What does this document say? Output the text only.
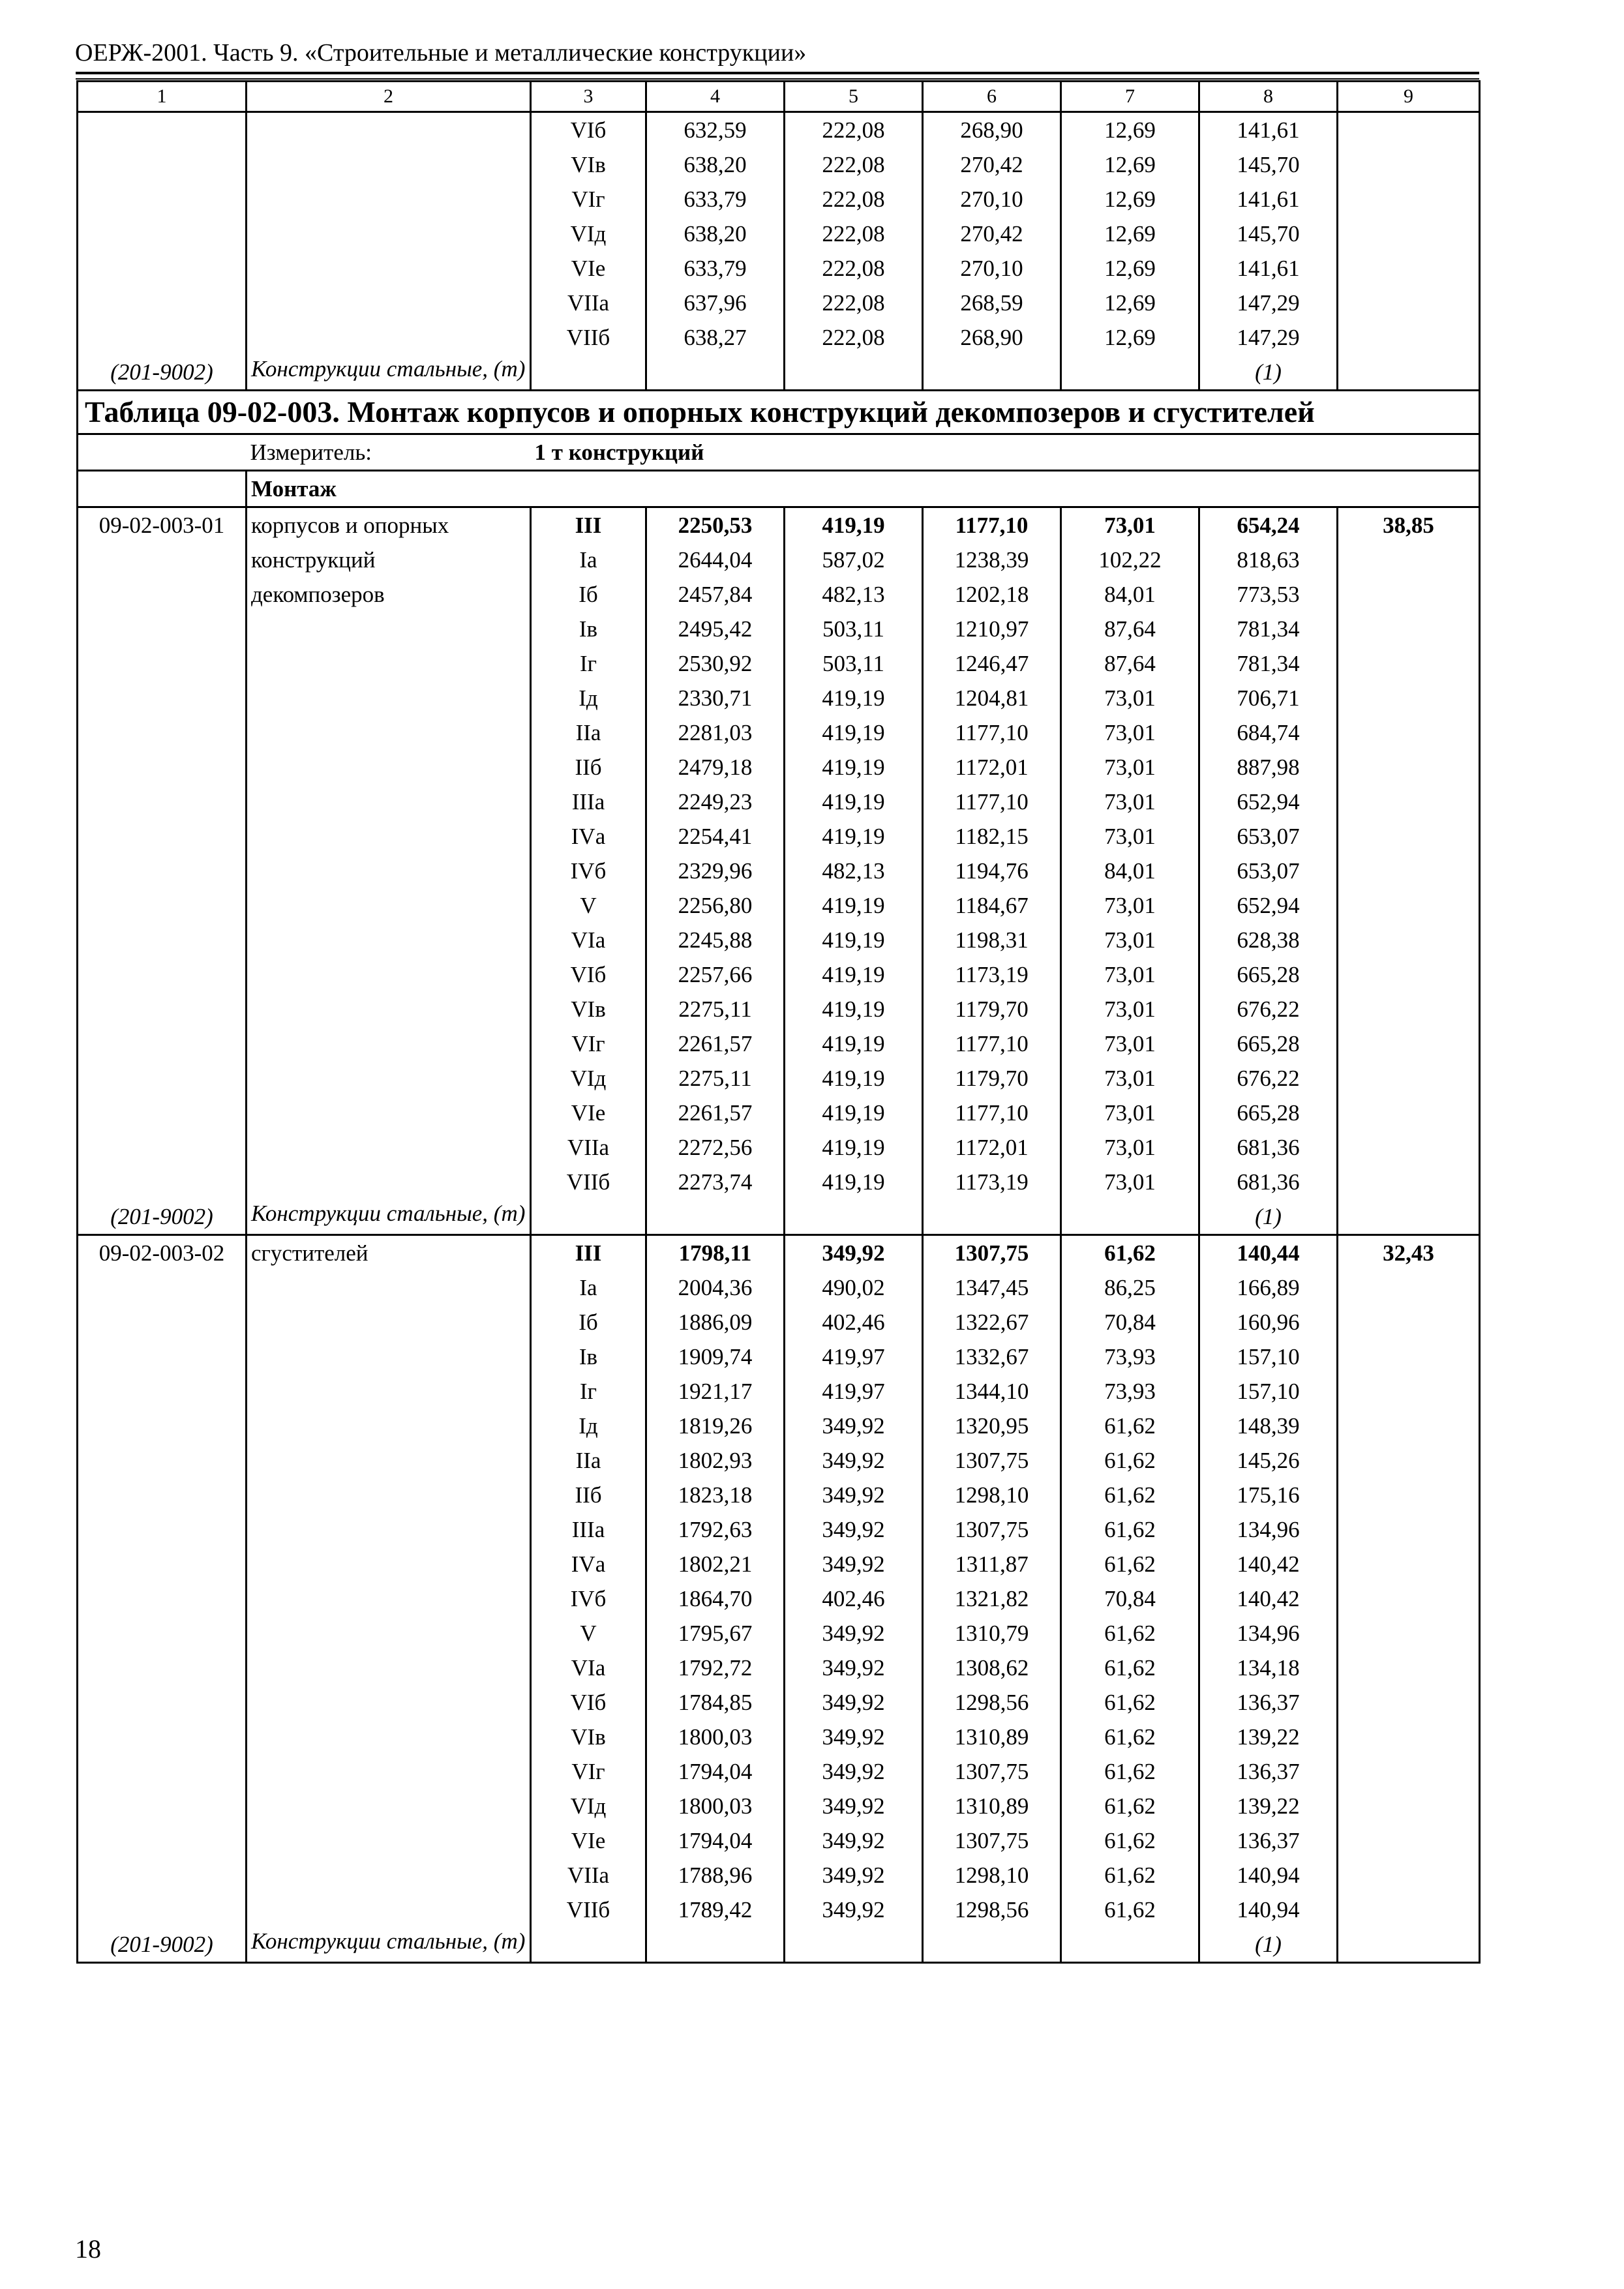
ОЕРЖ-2001. Часть 9. «Строительные и металлические конструкции»
1	2	3	4	5	6	7	8	9
		VIб	632,59	222,08	268,90	12,69	141,61	
		VIв	638,20	222,08	270,42	12,69	145,70	
		VIг	633,79	222,08	270,10	12,69	141,61	
		VIд	638,20	222,08	270,42	12,69	145,70	
		VIе	633,79	222,08	270,10	12,69	141,61	
		VIIа	637,96	222,08	268,59	12,69	147,29	
		VIIб	638,27	222,08	268,90	12,69	147,29	
(201-9002)	Конструкции стальные, (т)						(1)	
Таблица 09-02-003. Монтаж корпусов и опорных конструкций декомпозеров и сгустителей								
	Измеритель:	1 т конструкций						
	Монтаж							
09-02-003-01	корпусов и опорных	III	2250,53	419,19	1177,10	73,01	654,24	38,85
	конструкций	Iа	2644,04	587,02	1238,39	102,22	818,63	
	декомпозеров	Iб	2457,84	482,13	1202,18	84,01	773,53	
		Iв	2495,42	503,11	1210,97	87,64	781,34	
		Iг	2530,92	503,11	1246,47	87,64	781,34	
		Iд	2330,71	419,19	1204,81	73,01	706,71	
		IIа	2281,03	419,19	1177,10	73,01	684,74	
		IIб	2479,18	419,19	1172,01	73,01	887,98	
		IIIа	2249,23	419,19	1177,10	73,01	652,94	
		IVа	2254,41	419,19	1182,15	73,01	653,07	
		IVб	2329,96	482,13	1194,76	84,01	653,07	
		V	2256,80	419,19	1184,67	73,01	652,94	
		VIа	2245,88	419,19	1198,31	73,01	628,38	
		VIб	2257,66	419,19	1173,19	73,01	665,28	
		VIв	2275,11	419,19	1179,70	73,01	676,22	
		VIг	2261,57	419,19	1177,10	73,01	665,28	
		VIд	2275,11	419,19	1179,70	73,01	676,22	
		VIе	2261,57	419,19	1177,10	73,01	665,28	
		VIIа	2272,56	419,19	1172,01	73,01	681,36	
		VIIб	2273,74	419,19	1173,19	73,01	681,36	
(201-9002)	Конструкции стальные, (т)						(1)	
09-02-003-02	сгустителей	III	1798,11	349,92	1307,75	61,62	140,44	32,43
		Iа	2004,36	490,02	1347,45	86,25	166,89	
		Iб	1886,09	402,46	1322,67	70,84	160,96	
		Iв	1909,74	419,97	1332,67	73,93	157,10	
		Iг	1921,17	419,97	1344,10	73,93	157,10	
		Iд	1819,26	349,92	1320,95	61,62	148,39	
		IIа	1802,93	349,92	1307,75	61,62	145,26	
		IIб	1823,18	349,92	1298,10	61,62	175,16	
		IIIа	1792,63	349,92	1307,75	61,62	134,96	
		IVа	1802,21	349,92	1311,87	61,62	140,42	
		IVб	1864,70	402,46	1321,82	70,84	140,42	
		V	1795,67	349,92	1310,79	61,62	134,96	
		VIа	1792,72	349,92	1308,62	61,62	134,18	
		VIб	1784,85	349,92	1298,56	61,62	136,37	
		VIв	1800,03	349,92	1310,89	61,62	139,22	
		VIг	1794,04	349,92	1307,75	61,62	136,37	
		VIд	1800,03	349,92	1310,89	61,62	139,22	
		VIе	1794,04	349,92	1307,75	61,62	136,37	
		VIIа	1788,96	349,92	1298,10	61,62	140,94	
		VIIб	1789,42	349,92	1298,56	61,62	140,94	
(201-9002)	Конструкции стальные, (т)						(1)	
18
